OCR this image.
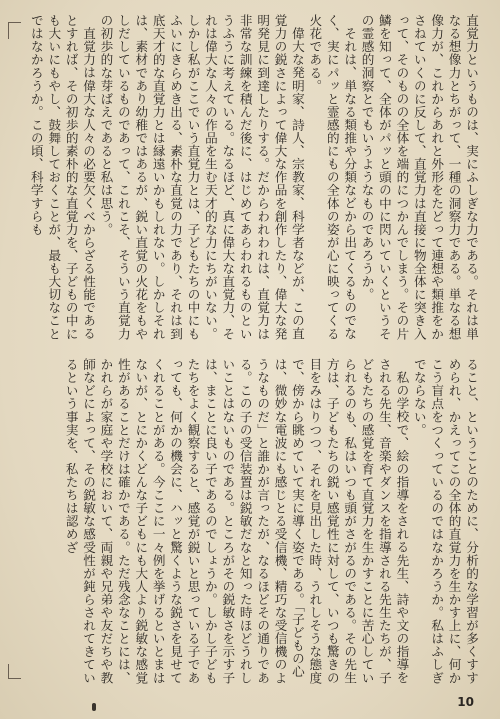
直覚力というものは、実にふしぎな力である。それは単なる想像力とちがって、一種の洞察力である。単なる想像力が、これからあれと外形をたどって連想や類推をかさねていくのに反して、直覚力は直接に物全体に突き入って、そのものの全体を端的につかんでしまう。その片鱗を知って、全体がパッと頭の中に閃いていくというその霊感的洞察とでもいうようなものであろうか。

それは、単なる類推や分類などから出てくるものでなく、実にパッと霊感的にもの全体の姿が心に映ってくる火花である。

偉大な発明家、詩人、宗教家、科学者などが、この直覚力の鋭さによって偉大な作品を創作したり、偉大な発明発見に到達したりする。だからわれわれは、直覚力は非常な訓練を積んだ後に、はじめてあらわれるものというふうに考えている。なるほど、真に偉大な直覚力、それは偉大な人々の作品を生む天才的な力にちがいない。しかし私がここでいう直覚力とは、子どもたちの中にもふいにきらめき出る、素朴な直覚の力であり、それは到底天才的な直覚力とは縁遠いかもしれない。しかしそれは、素材であり幼稚ではあるが、鋭い直覚の火花をもやしだしているものであって、これこそ、そういう直覚力の初歩的な芽ばえであると私は思う。

直覚力は偉大な人々の必要欠くべからざる性能であるとすれば、その初歩的素朴的な直覚力を、子どもの中にも大いにもやし、鼓舞しておくことが、最も大切なことではなかろうか。この頃、科学すらも

ること、ということのために、分析的な学習が多くすすめられ、かえってこの全体的直覚力を生かす上に、何かこう盲点をつくっているのではなかろうか。私はふしぎでならない。

私の学校で、絵の指導をされる先生、詩や文の指導をされる先生、音楽やダンスを指導される先生たちが、子どもたちの感覚を育て直覚力を生かすことに苦心していられるのも、私はいつも頭がさがるのである。その先生方は、子どもたちの鋭い感覚性に対して、いつも驚きの目をみはりつつ、それを見出した時、うれしそうな態度で、傍から眺めていて実に導く姿である。「子どもの心は、微妙な電波にも感じとる受信機、精巧な受信機のようなものだ」と誰かが言ったが、なるほどその通りである。この子の受信装置は鋭敏だなと知った時ほどうれしいことはないものである。ところがその鋭敏さを示す子は、まことに良い子であるのでしょうか。しかし子どもたちをよく観察すると、感覚が鋭いと思っている子であっても、何かの機会に、ハッと驚くような鋭さを見せてくれることがある。今ここに一々例を挙げるといとまはないが、とにかくどんな子どもにも大人より鋭敏な感覚性があることだけは確かである。ただ残念なことには、かれらが家庭や学校において、両親や兄弟や友だちや教師などによって、その鋭敏な感受性が鈍らされてきているという事実を、私たちは認めざ

10
